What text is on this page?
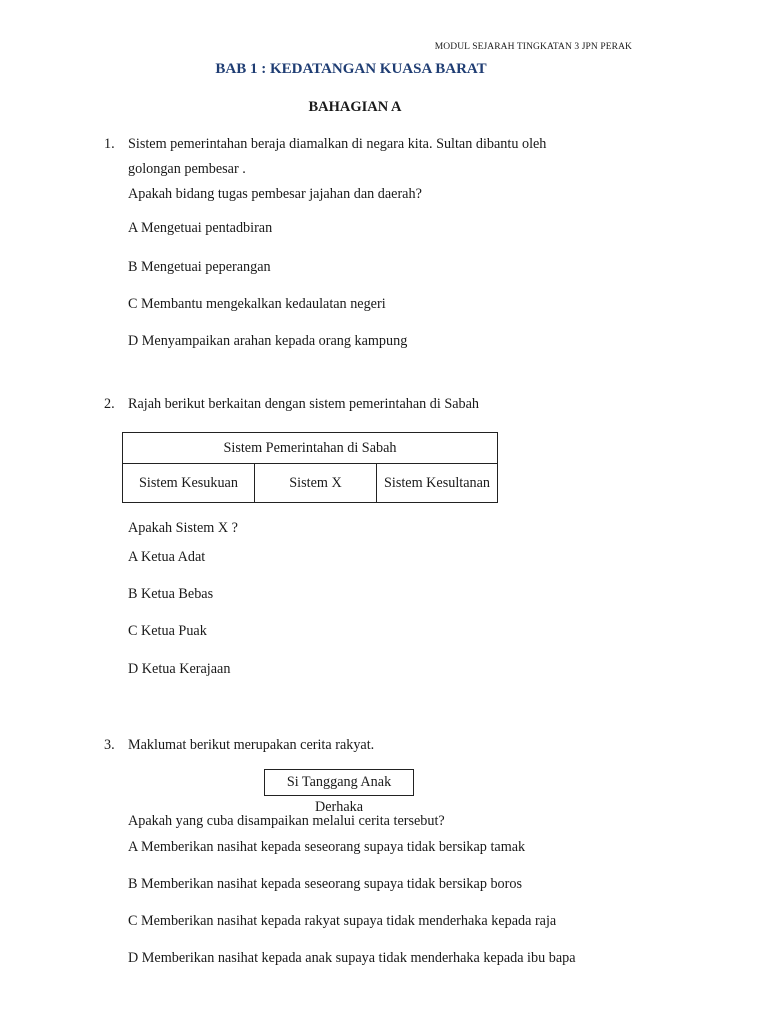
MODUL SEJARAH TINGKATAN 3 JPN PERAK
BAB 1 : KEDATANGAN KUASA BARAT
BAHAGIAN A
1. Sistem pemerintahan beraja diamalkan di negara kita. Sultan dibantu oleh
golongan pembesar .
Apakah bidang tugas pembesar jajahan dan daerah?
A Mengetuai pentadbiran
B Mengetuai peperangan
C Membantu mengekalkan kedaulatan negeri
D Menyampaikan arahan kepada orang kampung
2. Rajah berikut berkaitan dengan sistem pemerintahan di Sabah
Sistem Pemerintahan di Sabah
Sistem Kesukuan	Sistem X	Sistem Kesultanan
Apakah Sistem X ?
A Ketua Adat
B Ketua Bebas
C Ketua Puak
D Ketua Kerajaan
3. Maklumat berikut merupakan cerita rakyat.
Si Tanggang Anak Derhaka
Apakah yang cuba disampaikan melalui cerita tersebut?
A Memberikan nasihat kepada seseorang supaya tidak bersikap tamak
B Memberikan nasihat kepada seseorang supaya tidak bersikap boros
C Memberikan nasihat kepada rakyat supaya tidak menderhaka kepada raja
D Memberikan nasihat kepada anak supaya tidak menderhaka kepada ibu bapa
